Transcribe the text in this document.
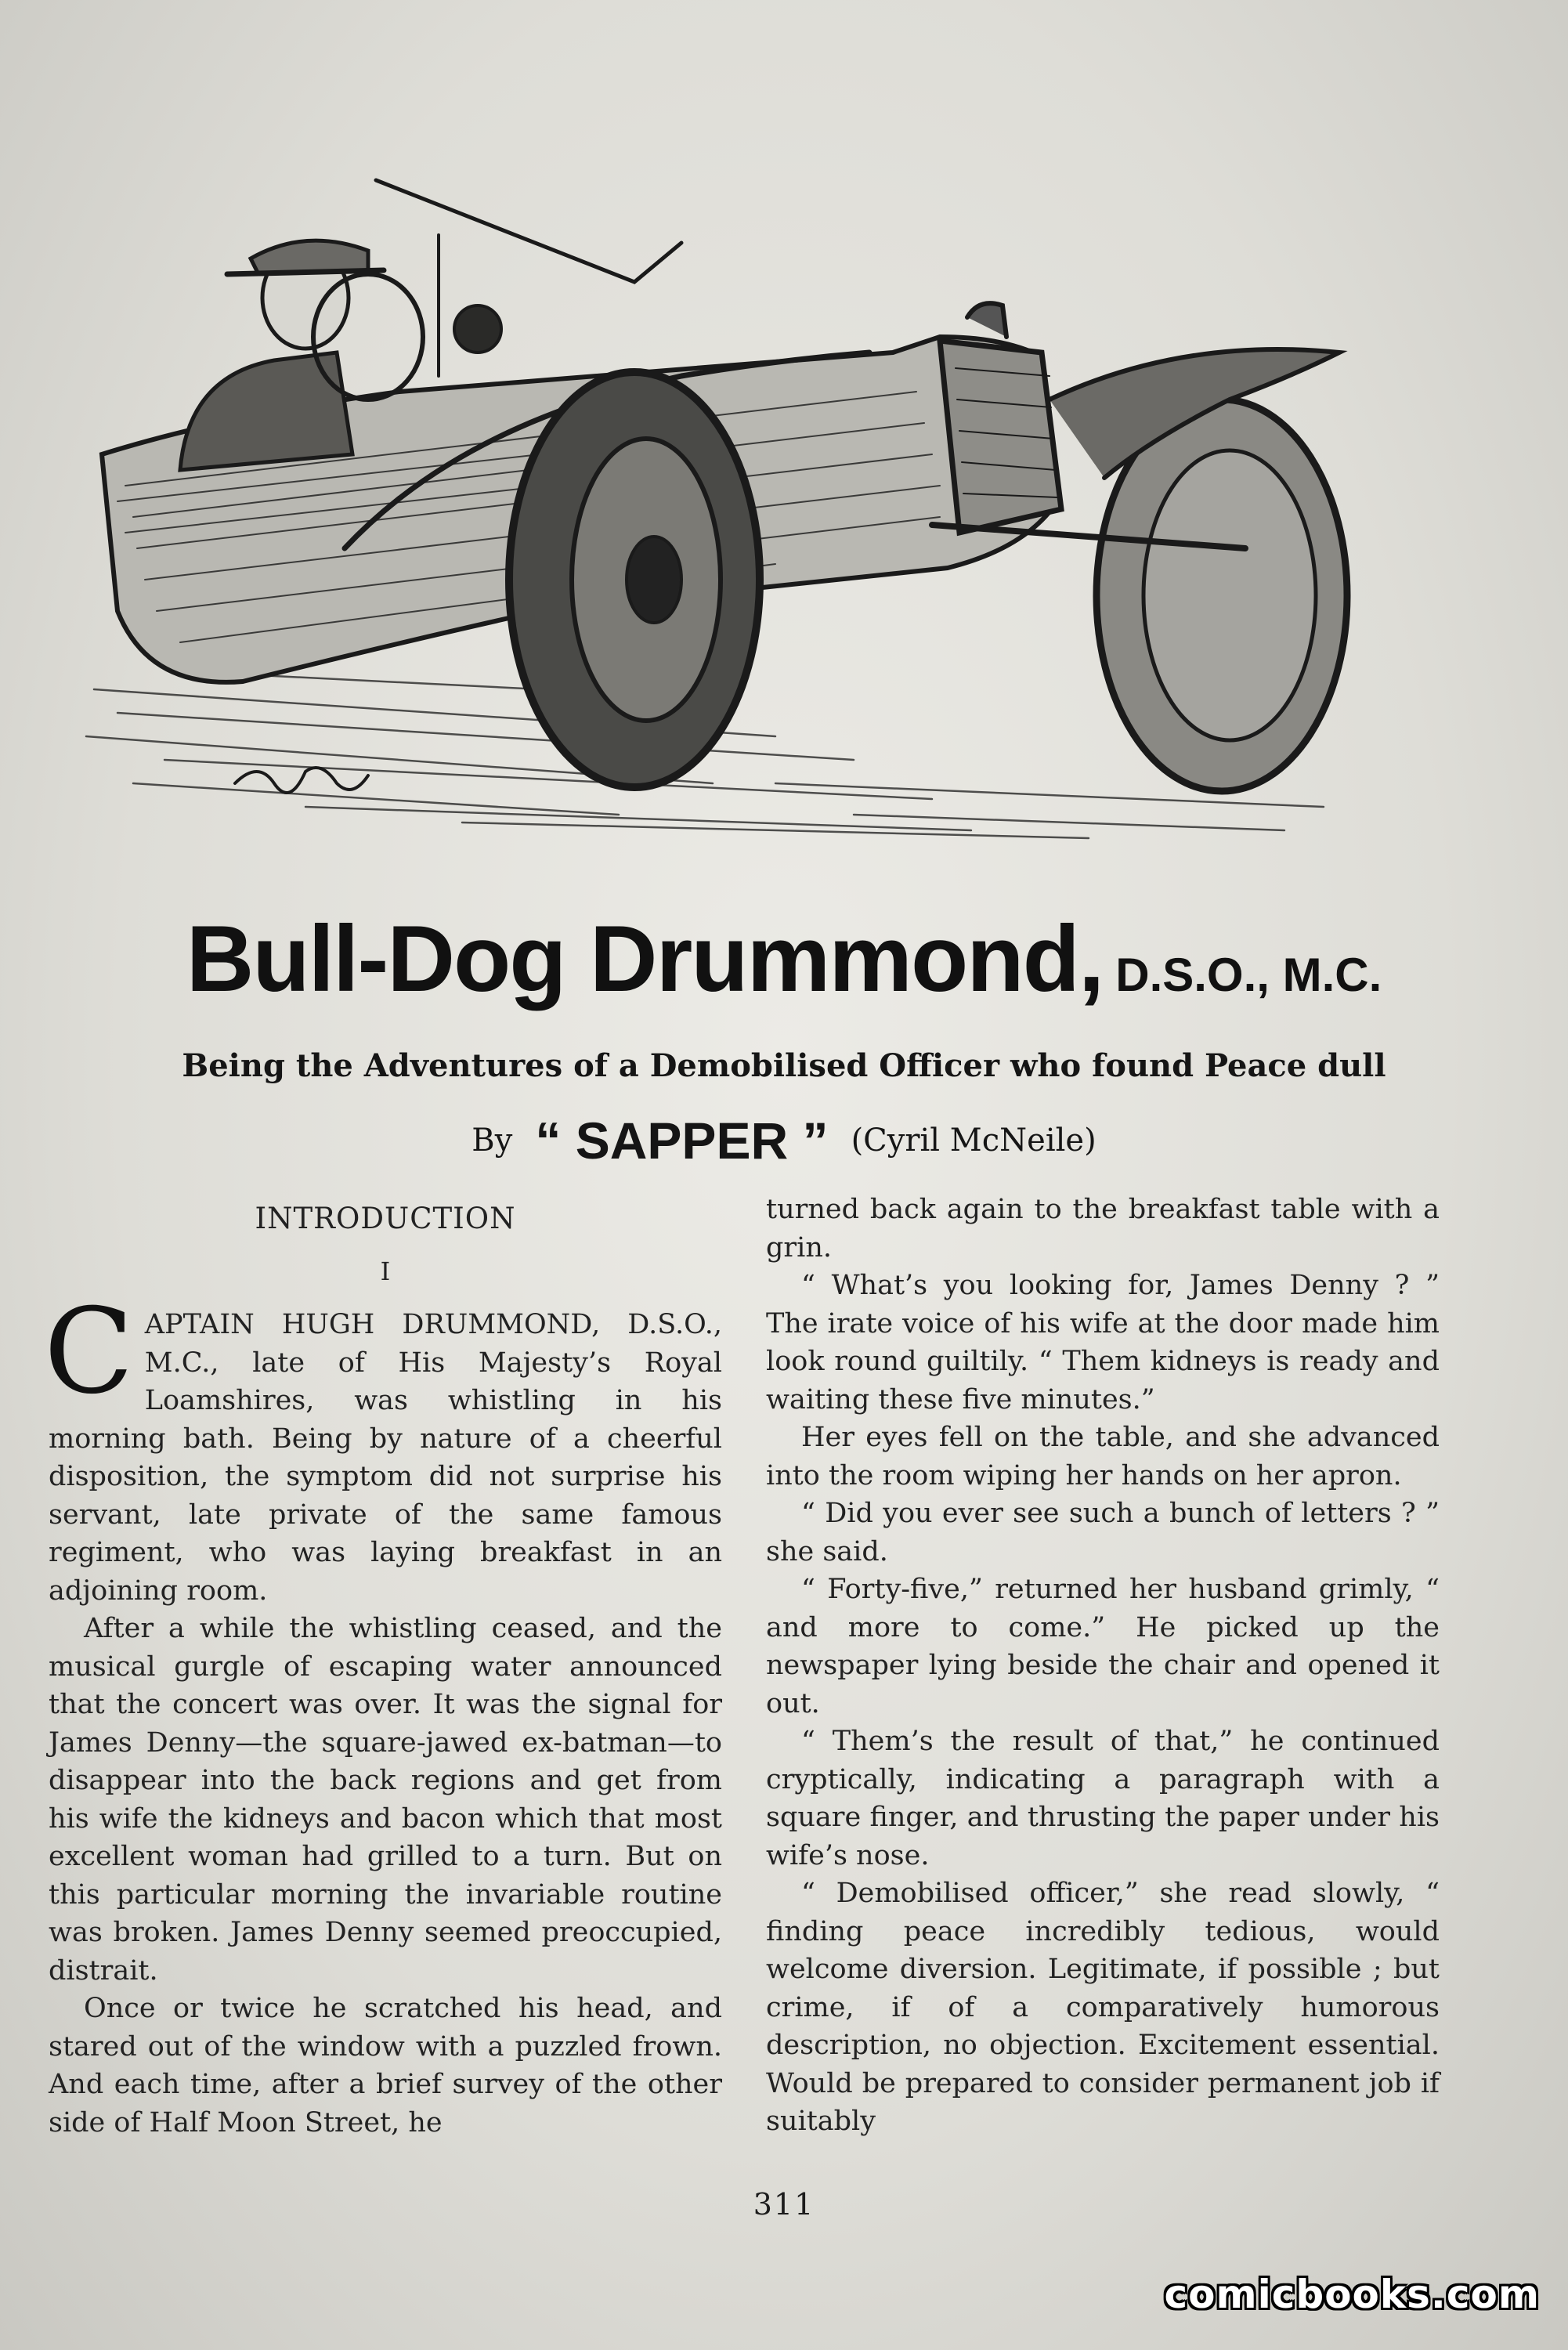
Bull-Dog Drummond, D.S.O., M.C.
Being the Adventures of a Demobilised Officer who found Peace dull
By “ SAPPER ” (Cyril McNeile)
INTRODUCTION
I

CAPTAIN HUGH DRUMMOND, D.S.O., M.C., late of His Majesty’s Royal Loamshires, was whistling in his morning bath. Being by nature of a cheerful disposition, the symptom did not surprise his servant, late private of the same famous regiment, who was laying breakfast in an adjoining room.

After a while the whistling ceased, and the musical gurgle of escaping water announced that the concert was over. It was the signal for James Denny—the square-jawed ex-batman—to disappear into the back regions and get from his wife the kidneys and bacon which that most excellent woman had grilled to a turn. But on this particular morning the invariable routine was broken. James Denny seemed preoccupied, distrait.

Once or twice he scratched his head, and stared out of the window with a puzzled frown. And each time, after a brief survey of the other side of Half Moon Street, he

turned back again to the breakfast table with a grin.

“ What’s you looking for, James Denny ? ” The irate voice of his wife at the door made him look round guiltily. “ Them kidneys is ready and waiting these five minutes.”

Her eyes fell on the table, and she advanced into the room wiping her hands on her apron.

“ Did you ever see such a bunch of letters ? ” she said.

“ Forty-five,” returned her husband grimly, “ and more to come.” He picked up the newspaper lying beside the chair and opened it out.

“ Them’s the result of that,” he continued cryptically, indicating a paragraph with a square finger, and thrusting the paper under his wife’s nose.

“ Demobilised officer,” she read slowly, “ finding peace incredibly tedious, would welcome diversion. Legitimate, if possible ; but crime, if of a comparatively humorous description, no objection. Excitement essential. Would be prepared to consider permanent job if suitably

311
comicbooks.com
